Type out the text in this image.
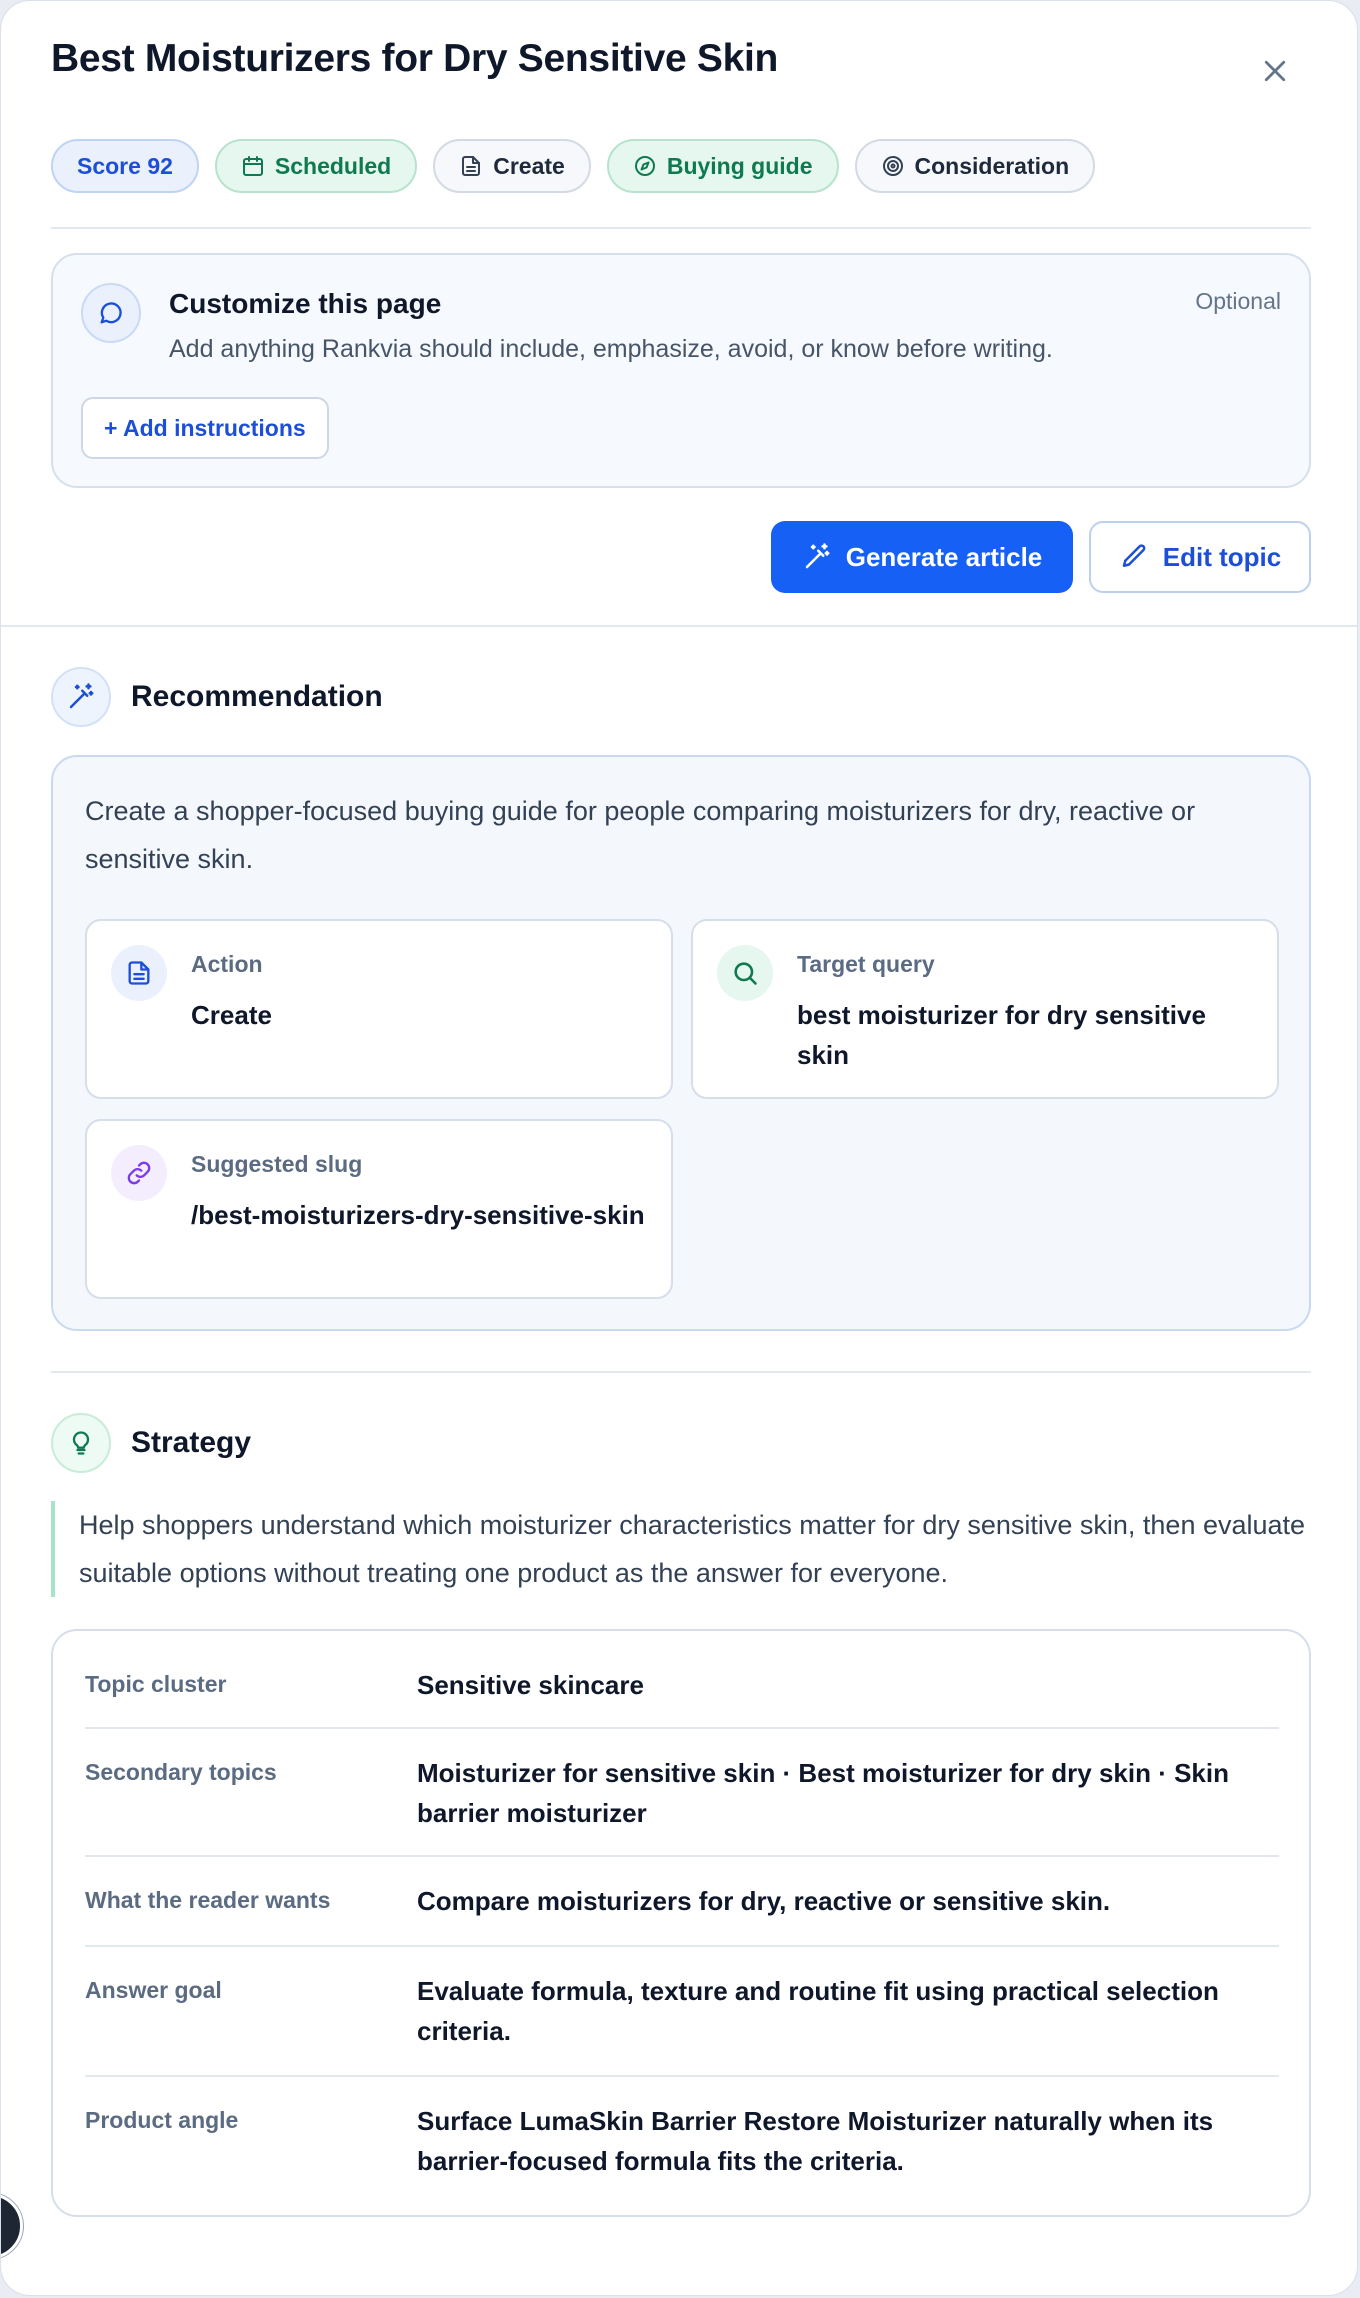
Best Moisturizers for Dry Sensitive Skin
Score 92	Scheduled	Create	Buying guide	Consideration
Customize this page	Optional
Add anything Rankvia should include, emphasize, avoid, or know before writing.
+ Add instructions
Generate article	Edit topic
Recommendation
Create a shopper-focused buying guide for people comparing moisturizers for dry, reactive or sensitive skin.
Action
Create
Target query
best moisturizer for dry sensitive skin
Suggested slug
/best-moisturizers-dry-sensitive-skin
Strategy
Help shoppers understand which moisturizer characteristics matter for dry sensitive skin, then evaluate suitable options without treating one product as the answer for everyone.
Topic cluster	Sensitive skincare
Secondary topics	Moisturizer for sensitive skin · Best moisturizer for dry skin · Skin barrier moisturizer
What the reader wants	Compare moisturizers for dry, reactive or sensitive skin.
Answer goal	Evaluate formula, texture and routine fit using practical selection criteria.
Product angle	Surface LumaSkin Barrier Restore Moisturizer naturally when its barrier-focused formula fits the criteria.
